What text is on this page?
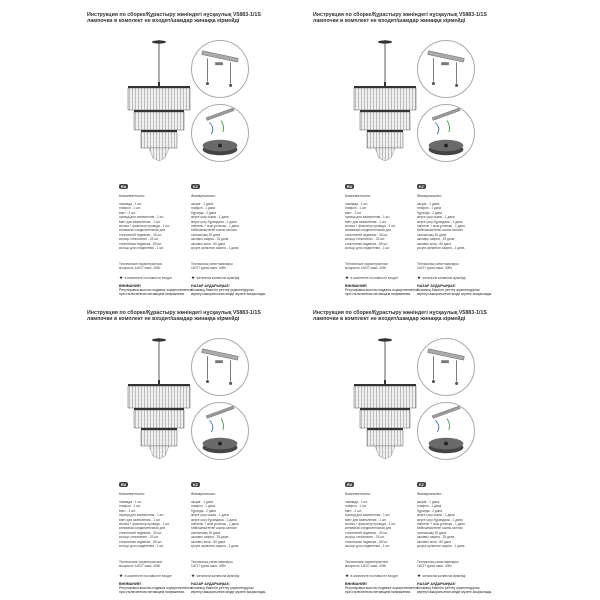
Инструкция по сборке/Құрастыру жөніндегі нұсқаулық V5883-1/1S
лампочки в комплект не входят/шамдар жинаққа кірмейді
RU	KZ
Комплектность:	Жинақтылығы:
лампада - 1 шт.
плафон - 1 шт.
винт - 2 шт.
провод для заземления - 1 шт.
винт для заземления - 1 шт.
кнопка + фиксатор провода - 1 шт.
клеммная соединительная для
стеклянной подвески - 30 шт.
кольцо стеклянное - 33 шт.
стеклянная подвеска - 80 шт.
кольцо для соединения - 1 шт.
шырағ - 1 дана
плафон - 1 дана
бұранда - 2 дана
жерге қосу сымы - 1 дана
жерге қосу бұрандасы - 1 дана
ниппель + сым ұстағыш - 1 дана
Кейіншежіктеген шыны салпын
салпыншақ 30 дана
шынағы сақина - 33 дана
шынағы аспа - 80 дана
қосуға арналған сақина - 1 дана
Технические характеристики:
мощность 1xE27 макс. 40Вт
Техникалық сипаттамалары:
1xE27 қуаты макс. 40Вт
★ в комплекте поставки не входит	★ жеткізілім жинағына кірмейді
ВНИМАНИЕ!
Регулировка высоты подвеса осуществляется
при отключенном питающем напряжении.
НАЗАР АУДАРЫҢЫЗ!
Аспаның биіктігін реттеу қоректендіргіш
кернеуі ажыратылған кезде жүзеге асырылады.
Инструкция по сборке/Құрастыру жөніндегі нұсқаулық V5883-1/1S
лампочки в комплект не входят/шамдар жинаққа кірмейді
RU	KZ
Комплектность:	Жинақтылығы:
лампада - 1 шт.
плафон - 1 шт.
винт - 2 шт.
провод для заземления - 1 шт.
винт для заземления - 1 шт.
кнопка + фиксатор провода - 1 шт.
клеммная соединительная для
стеклянной подвески - 30 шт.
кольцо стеклянное - 33 шт.
стеклянная подвеска - 80 шт.
кольцо для соединения - 1 шт.
шырағ - 1 дана
плафон - 1 дана
бұранда - 2 дана
жерге қосу сымы - 1 дана
жерге қосу бұрандасы - 1 дана
ниппель + сым ұстағыш - 1 дана
Кейіншежіктеген шыны салпын
салпыншақ 30 дана
шынағы сақина - 33 дана
шынағы аспа - 80 дана
қосуға арналған сақина - 1 дана
Технические характеристики:
мощность 1xE27 макс. 40Вт
Техникалық сипаттамалары:
1xE27 қуаты макс. 40Вт
★ в комплекте поставки не входит	★ жеткізілім жинағына кірмейді
ВНИМАНИЕ!
Регулировка высоты подвеса осуществляется
при отключенном питающем напряжении.
НАЗАР АУДАРЫҢЫЗ!
Аспаның биіктігін реттеу қоректендіргіш
кернеуі ажыратылған кезде жүзеге асырылады.
Инструкция по сборке/Құрастыру жөніндегі нұсқаулық V5883-1/1S
лампочки в комплект не входят/шамдар жинаққа кірмейді
RU	KZ
Комплектность:	Жинақтылығы:
лампада - 1 шт.
плафон - 1 шт.
винт - 2 шт.
провод для заземления - 1 шт.
винт для заземления - 1 шт.
кнопка + фиксатор провода - 1 шт.
клеммная соединительная для
стеклянной подвески - 30 шт.
кольцо стеклянное - 33 шт.
стеклянная подвеска - 80 шт.
кольцо для соединения - 1 шт.
шырағ - 1 дана
плафон - 1 дана
бұранда - 2 дана
жерге қосу сымы - 1 дана
жерге қосу бұрандасы - 1 дана
ниппель + сым ұстағыш - 1 дана
Кейіншежіктеген шыны салпын
салпыншақ 30 дана
шынағы сақина - 33 дана
шынағы аспа - 80 дана
қосуға арналған сақина - 1 дана
Технические характеристики:
мощность 1xE27 макс. 40Вт
Техникалық сипаттамалары:
1xE27 қуаты макс. 40Вт
★ в комплекте поставки не входит	★ жеткізілім жинағына кірмейді
ВНИМАНИЕ!
Регулировка высоты подвеса осуществляется
при отключенном питающем напряжении.
НАЗАР АУДАРЫҢЫЗ!
Аспаның биіктігін реттеу қоректендіргіш
кернеуі ажыратылған кезде жүзеге асырылады.
Инструкция по сборке/Құрастыру жөніндегі нұсқаулық V5883-1/1S
лампочки в комплект не входят/шамдар жинаққа кірмейді
RU	KZ
Комплектность:	Жинақтылығы:
лампада - 1 шт.
плафон - 1 шт.
винт - 2 шт.
провод для заземления - 1 шт.
винт для заземления - 1 шт.
кнопка + фиксатор провода - 1 шт.
клеммная соединительная для
стеклянной подвески - 30 шт.
кольцо стеклянное - 33 шт.
стеклянная подвеска - 80 шт.
кольцо для соединения - 1 шт.
шырағ - 1 дана
плафон - 1 дана
бұранда - 2 дана
жерге қосу сымы - 1 дана
жерге қосу бұрандасы - 1 дана
ниппель + сым ұстағыш - 1 дана
Кейіншежіктеген шыны салпын
салпыншақ 30 дана
шынағы сақина - 33 дана
шынағы аспа - 80 дана
қосуға арналған сақина - 1 дана
Технические характеристики:
мощность 1xE27 макс. 40Вт
Техникалық сипаттамалары:
1xE27 қуаты макс. 40Вт
★ в комплекте поставки не входит	★ жеткізілім жинағына кірмейді
ВНИМАНИЕ!
Регулировка высоты подвеса осуществляется
при отключенном питающем напряжении.
НАЗАР АУДАРЫҢЫЗ!
Аспаның биіктігін реттеу қоректендіргіш
кернеуі ажыратылған кезде жүзеге асырылады.
